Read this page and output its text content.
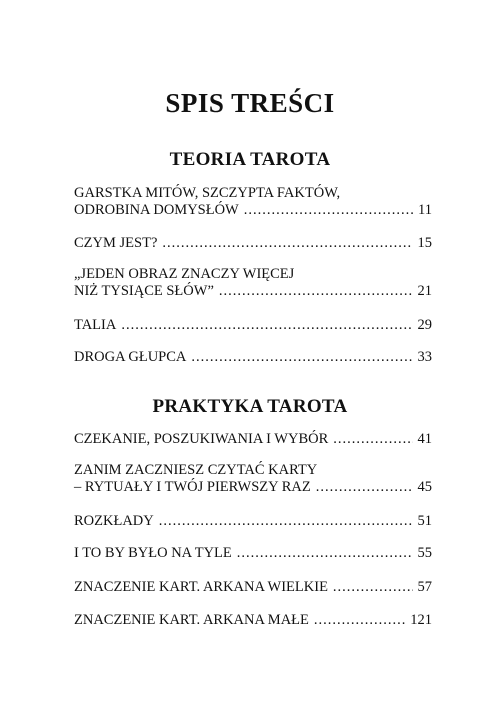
SPIS TREŚCI
TEORIA TAROTA
GARSTKA MITÓW, SZCZYPTA FAKTÓW,
ODROBINA DOMYSŁÓW .....	11
CZYM JEST? .....	15
„JEDEN OBRAZ ZNACZY WIĘCEJ
NIŻ TYSIĄCE SŁÓW” .....	21
TALIA .....	29
DROGA GŁUPCA .....	33
PRAKTYKA TAROTA
CZEKANIE, POSZUKIWANIA I WYBÓR .....	41
ZANIM ZACZNIESZ CZYTAĆ KARTY
– RYTUAŁY I TWÓJ PIERWSZY RAZ .....	45
ROZKŁADY .....	51
I TO BY BYŁO NA TYLE .....	55
ZNACZENIE KART. ARKANA WIELKIE .....	57
ZNACZENIE KART. ARKANA MAŁE .....	121
